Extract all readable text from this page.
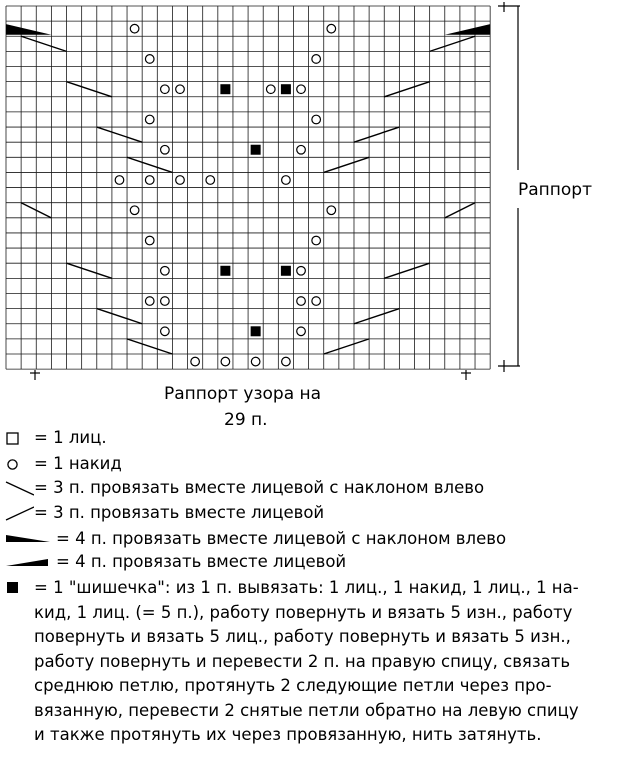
Раппорт
Раппорт узора на
29 п.
= 1 лиц.
= 1 накид
= 3 п. провязать вместе лицевой с наклоном влево
= 3 п. провязать вместе лицевой
= 4 п. провязать вместе лицевой с наклоном влево
= 4 п. провязать вместе лицевой
= 1 "шишечка": из 1 п. вывязать: 1 лиц., 1 накид, 1 лиц., 1 на-
кид, 1 лиц. (= 5 п.), работу повернуть и вязать 5 изн., работу
повернуть и вязать 5 лиц., работу повернуть и вязать 5 изн.,
работу повернуть и перевести 2 п. на правую спицу, связать
среднюю петлю, протянуть 2 следующие петли через про-
вязанную, перевести 2 снятые петли обратно на левую спицу
и также протянуть их через провязанную, нить затянуть.
